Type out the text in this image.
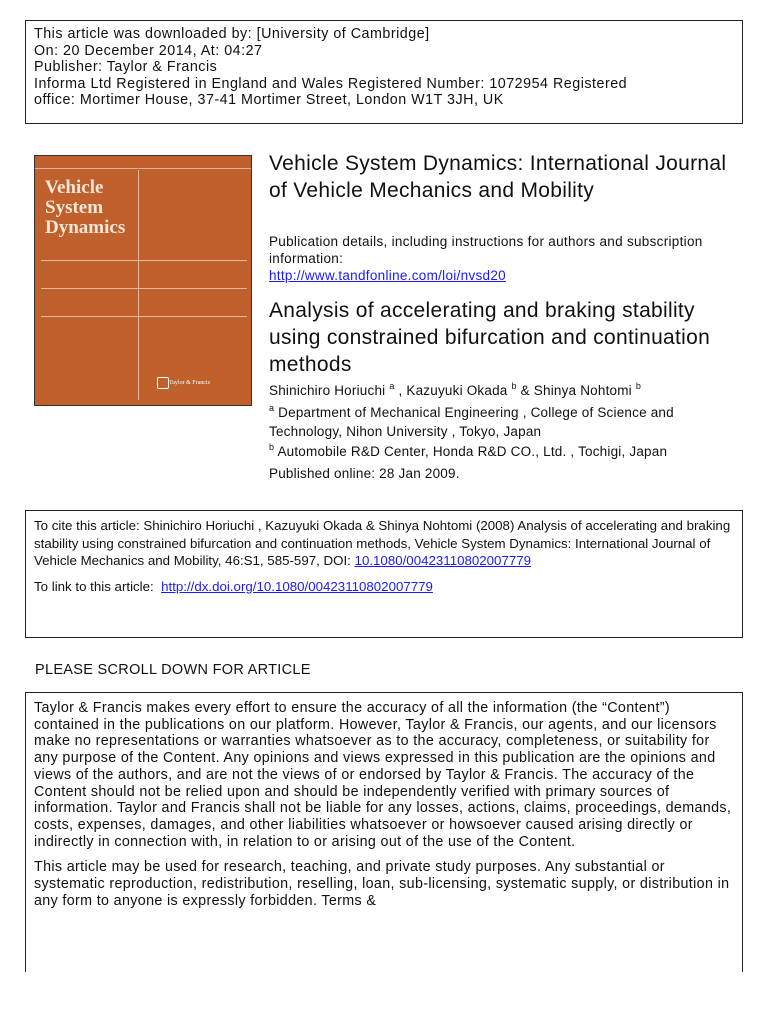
This article was downloaded by: [University of Cambridge]
On: 20 December 2014, At: 04:27
Publisher: Taylor & Francis
Informa Ltd Registered in England and Wales Registered Number: 1072954 Registered
office: Mortimer House, 37-41 Mortimer Street, London W1T 3JH, UK
Vehicle
System
Dynamics
Taylor & Francis
Vehicle System Dynamics: International Journal of Vehicle Mechanics and Mobility
Publication details, including instructions for authors and subscription information:
http://www.tandfonline.com/loi/nvsd20
Analysis of accelerating and braking stability using constrained bifurcation and continuation methods
Shinichiro Horiuchi $^a$ , Kazuyuki Okada $^b$ & Shinya Nohtomi $^b$
$^a$ Department of Mechanical Engineering , College of Science and Technology, Nihon University , Tokyo, Japan
$^b$ Automobile R&D Center, Honda R&D CO., Ltd. , Tochigi, Japan
Published online: 28 Jan 2009.
To cite this article: Shinichiro Horiuchi , Kazuyuki Okada & Shinya Nohtomi (2008) Analysis of accelerating and braking stability using constrained bifurcation and continuation methods, Vehicle System Dynamics: International Journal of Vehicle Mechanics and Mobility, 46:S1, 585-597, DOI: 10.1080/00423110802007779
To link to this article: http://dx.doi.org/10.1080/00423110802007779
PLEASE SCROLL DOWN FOR ARTICLE

Taylor & Francis makes every effort to ensure the accuracy of all the information (the “Content”) contained in the publications on our platform. However, Taylor & Francis, our agents, and our licensors make no representations or warranties whatsoever as to the accuracy, completeness, or suitability for any purpose of the Content. Any opinions and views expressed in this publication are the opinions and views of the authors, and are not the views of or endorsed by Taylor & Francis. The accuracy of the Content should not be relied upon and should be independently verified with primary sources of information. Taylor and Francis shall not be liable for any losses, actions, claims, proceedings, demands, costs, expenses, damages, and other liabilities whatsoever or howsoever caused arising directly or indirectly in connection with, in relation to or arising out of the use of the Content.

This article may be used for research, teaching, and private study purposes. Any substantial or systematic reproduction, redistribution, reselling, loan, sub-licensing, systematic supply, or distribution in any form to anyone is expressly forbidden. Terms &
